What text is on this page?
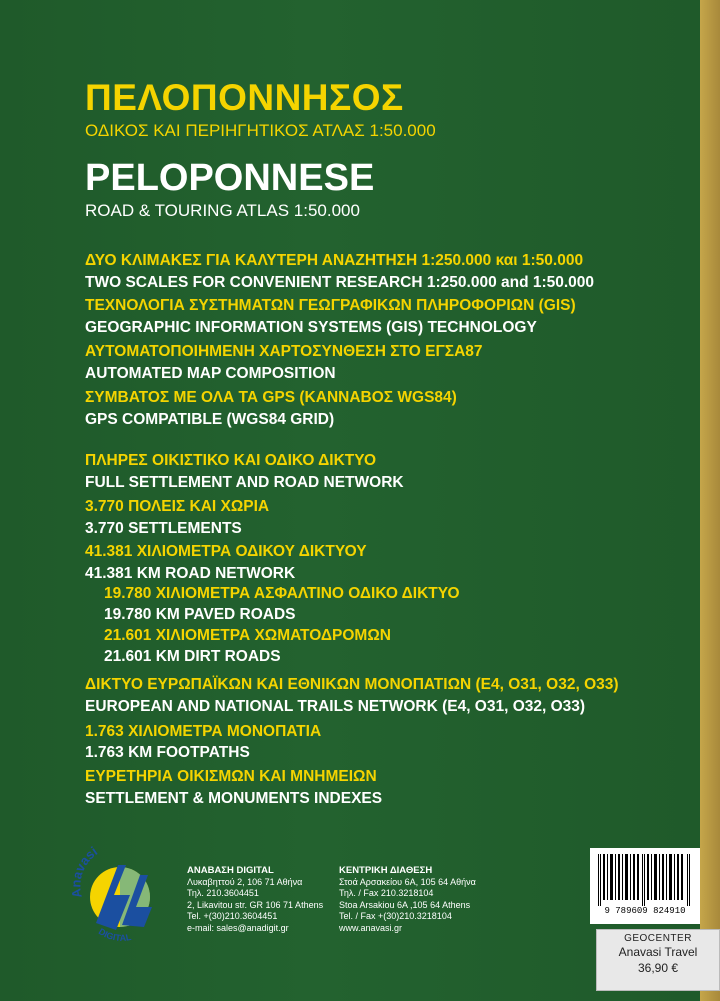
ΠΕΛΟΠΟΝΝΗΣΟΣ
ΟΔΙΚΟΣ ΚΑΙ ΠΕΡΙΗΓΗΤΙΚΟΣ ΑΤΛΑΣ 1:50.000
PELOPONNESE
ROAD & TOURING ATLAS 1:50.000
ΔΥΟ ΚΛΙΜΑΚΕΣ ΓΙΑ ΚΑΛΥΤΕΡΗ ΑΝΑΖΗΤΗΣΗ 1:250.000 και 1:50.000
TWO SCALES FOR CONVENIENT RESEARCH 1:250.000 and 1:50.000
ΤΕΧΝΟΛΟΓΙΑ ΣΥΣΤΗΜΑΤΩΝ ΓΕΩΓΡΑΦΙΚΩΝ ΠΛΗΡΟΦΟΡΙΩΝ (GIS)
GEOGRAPHIC INFORMATION SYSTEMS (GIS) TECHNOLOGY
ΑΥΤΟΜΑΤΟΠΟΙΗΜΕΝΗ ΧΑΡΤΟΣΥΝΘΕΣΗ ΣΤΟ ΕΓΣΑ87
AUTOMATED MAP COMPOSITION
ΣΥΜΒΑΤΟΣ ΜΕ ΟΛΑ ΤΑ GPS (ΚΑΝΝΑΒΟΣ WGS84)
GPS COMPATIBLE (WGS84 GRID)
ΠΛΗΡΕΣ ΟΙΚΙΣΤΙΚΟ ΚΑΙ ΟΔΙΚΟ ΔΙΚΤΥΟ
FULL SETTLEMENT AND ROAD NETWORK
3.770 ΠΟΛΕΙΣ ΚΑΙ ΧΩΡΙΑ
3.770 SETTLEMENTS
41.381 ΧΙΛΙΟΜΕΤΡΑ ΟΔΙΚΟΥ ΔΙΚΤΥΟΥ
41.381 KM ROAD NETWORK
19.780 ΧΙΛΙΟΜΕΤΡΑ ΑΣΦΑΛΤΙΝΟ ΟΔΙΚΟ ΔΙΚΤΥΟ
19.780 KM PAVED ROADS
21.601 ΧΙΛΙΟΜΕΤΡΑ ΧΩΜΑΤΟΔΡΟΜΩΝ
21.601 KM DIRT ROADS
ΔΙΚΤΥΟ ΕΥΡΩΠΑΪΚΩΝ ΚΑΙ ΕΘΝΙΚΩΝ ΜΟΝΟΠΑΤΙΩΝ (Ε4, Ο31, Ο32, Ο33)
EUROPEAN AND NATIONAL TRAILS NETWORK (E4, O31, O32, O33)
1.763 ΧΙΛΙΟΜΕΤΡΑ ΜΟΝΟΠΑΤΙΑ
1.763 KM FOOTPATHS
ΕΥΡΕΤΗΡΙΑ ΟΙΚΙΣΜΩΝ ΚΑΙ ΜΝΗΜΕΙΩΝ
SETTLEMENT & MONUMENTS INDEXES
Anavasi
DIGITAL
ΑΝΑΒΑΣΗ DIGITAL
Λυκαβηττού 2, 106 71 Αθήνα
Τηλ. 210.3604451
2, Likavitou str. GR 106 71 Athens
Tel. +(30)210.3604451
e-mail: sales@anadigit.gr
ΚΕΝΤΡΙΚΗ ΔΙΑΘΕΣΗ
Στοά Αρσακείου 6Α, 105 64 Αθήνα
Τηλ. / Fax 210.3218104
Stoa Arsakiou 6A ,105 64 Athens
Tel. / Fax +(30)210.3218104
www.anavasi.gr
9 789609 824910
GEOCENTER
Anavasi Travel
36,90 €
